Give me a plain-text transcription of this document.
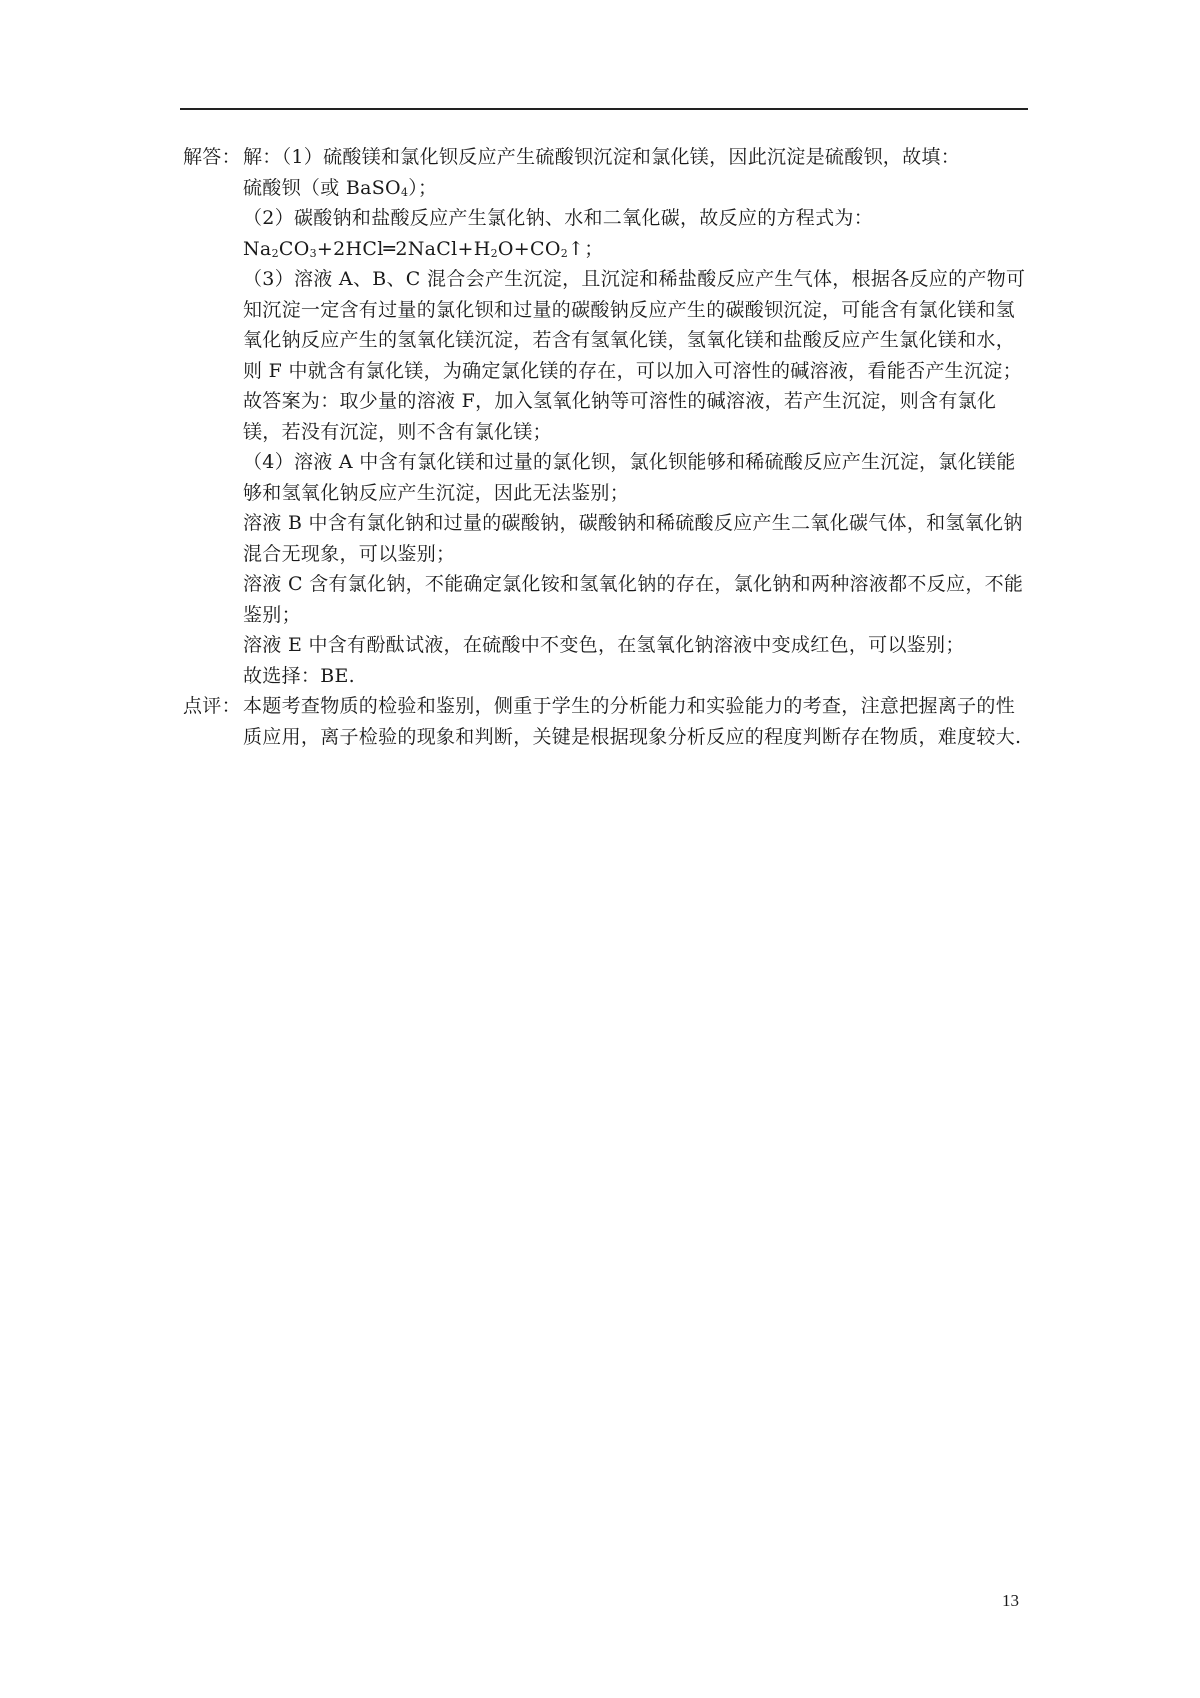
解答： 解：（1）硫酸镁和氯化钡反应产生硫酸钡沉淀和氯化镁，因此沉淀是硫酸钡，故填：
硫酸钡（或 BaSO$_4$）；

（2）碳酸钠和盐酸反应产生氯化钠、水和二氧化碳，故反应的方程式为：
$Na_2CO_3+2HCl═2NaCl+H_2O+CO_2↑$；

（3）溶液 A、B、C 混合会产生沉淀，且沉淀和稀盐酸反应产生气体，根据各反应的产物可知沉淀一定含有过量的氯化钡和过量的碳酸钠反应产生的碳酸钡沉淀，可能含有氯化镁和氢氧化钠反应产生的氢氧化镁沉淀，若含有氢氧化镁，氢氧化镁和盐酸反应产生氯化镁和水，则 F 中就含有氯化镁，为确定氯化镁的存在，可以加入可溶性的碱溶液，看能否产生沉淀；故答案为：取少量的溶液 F，加入氢氧化钠等可溶性的碱溶液，若产生沉淀，则含有氯化镁，若没有沉淀，则不含有氯化镁；

（4）溶液 A 中含有氯化镁和过量的氯化钡，氯化钡能够和稀硫酸反应产生沉淀，氯化镁能够和氢氧化钠反应产生沉淀，因此无法鉴别；

溶液 B 中含有氯化钠和过量的碳酸钠，碳酸钠和稀硫酸反应产生二氧化碳气体，和氢氧化钠混合无现象，可以鉴别；

溶液 C 含有氯化钠，不能确定氯化铵和氢氧化钠的存在，氯化钠和两种溶液都不反应，不能鉴别；

溶液 E 中含有酚酞试液，在硫酸中不变色，在氢氧化钠溶液中变成红色，可以鉴别；

故选择：BE.

点评： 本题考查物质的检验和鉴别，侧重于学生的分析能力和实验能力的考查，注意把握离子的性质应用，离子检验的现象和判断，关键是根据现象分析反应的程度判断存在物质，难度较大.
13
